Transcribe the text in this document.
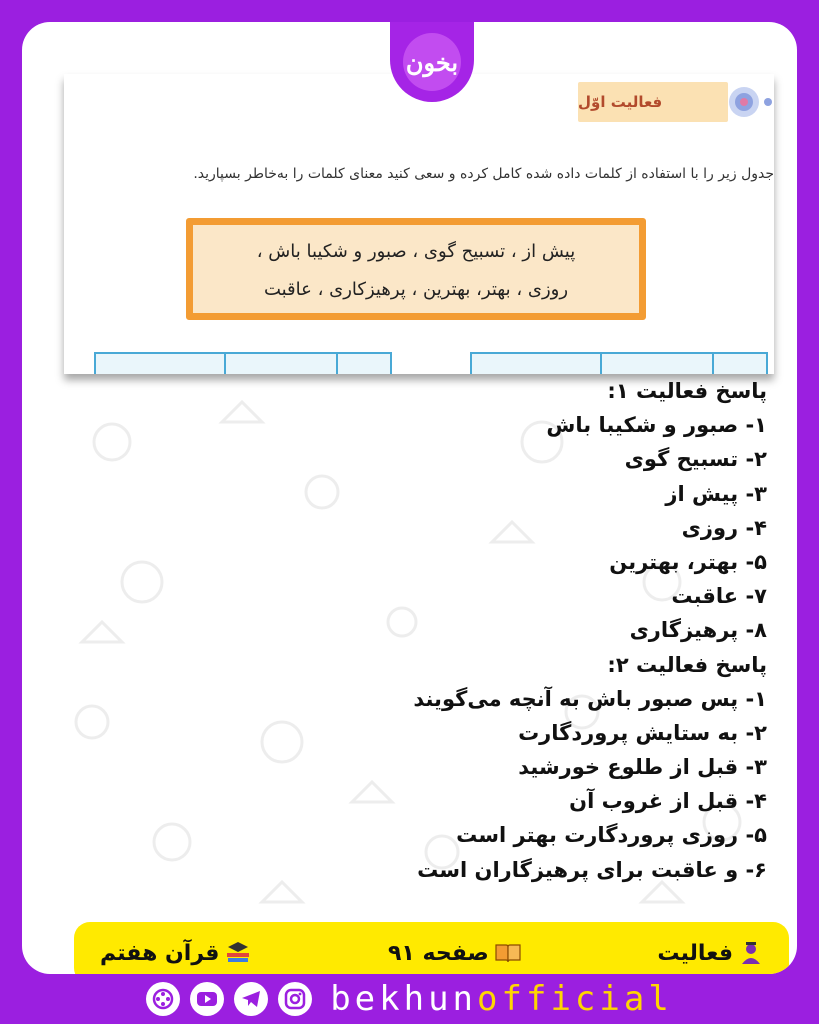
بخون
فعالیت اوّل
جدول زیر را با استفاده از کلمات داده شده کامل کرده و سعی کنید معنای کلمات را به‌خاطر بسپارید.

پیش از ، تسبیح گوی ، صبور و شکیبا باش ،

روزی ، بهتر، بهترین ، پرهیزکاری ، عاقبت

پاسخ فعالیت ۱:
۱- صبور و شکیبا باش
۲- تسبیح گوی
۳- پیش از
۴- روزی
۵- بهتر، بهترین
۷- عاقبت
۸- پرهیزگاری
پاسخ فعالیت ۲:
۱- پس صبور باش به آنچه می‌گویند
۲- به ستایش پروردگارت
۳- قبل از طلوع خورشید
۴- قبل از غروب آن
۵- روزی پروردگارت بهتر است
۶- و عاقبت برای پرهیزگاران است
فعالیت
صفحه ۹۱
قرآن هفتم
bekhunofficial
